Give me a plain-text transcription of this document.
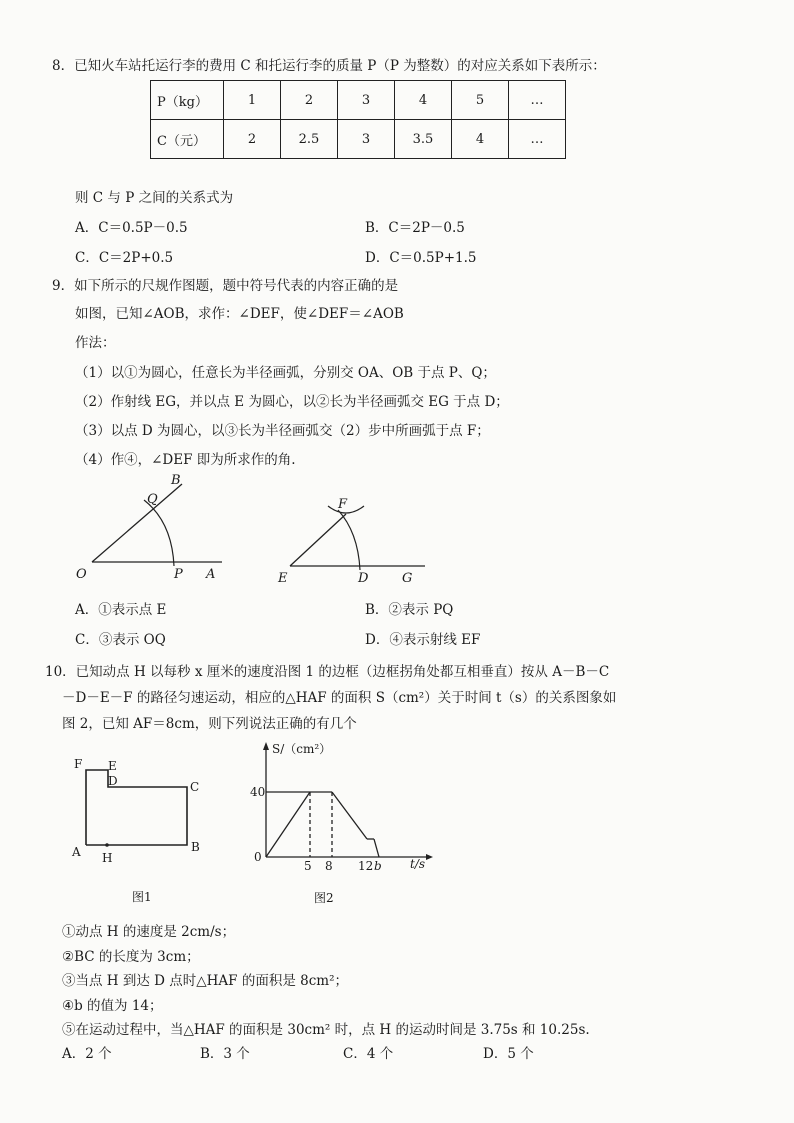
8．已知火车站托运行李的费用 C 和托运行李的质量 P（P 为整数）的对应关系如下表所示：
P（kg）	1	2	3	4	5	…
C（元）	2	2.5	3	3.5	4	…
则 C 与 P 之间的关系式为
A．C＝0.5P－0.5	B．C＝2P－0.5
C．C＝2P+0.5	D．C＝0.5P+1.5
9．如下所示的尺规作图题，题中符号代表的内容正确的是
如图，已知∠AOB，求作：∠DEF，使∠DEF＝∠AOB
作法：
（1）以①为圆心，任意长为半径画弧，分别交 OA、OB 于点 P、Q；
（2）作射线 EG，并以点 E 为圆心，以②长为半径画弧交 EG 于点 D；
（3）以点 D 为圆心，以③长为半径画弧交（2）步中所画弧于点 F；
（4）作④，∠DEF 即为所求作的角.
B
Q
O	P A
F
E	D	G
A．①表示点 E	B．②表示 PQ
C．③表示 OQ	D．④表示射线 EF
10．已知动点 H 以每秒 x 厘米的速度沿图 1 的边框（边框拐角处都互相垂直）按从 A－B－C
－D－E－F 的路径匀速运动，相应的△HAF 的面积 S（cm²）关于时间 t（s）的关系图象如
图 2，已知 AF＝8cm，则下列说法正确的有几个
F E
D	C
A H
B
图1
S/（cm²）
40
0
5 8 12 b t/s
图2
①动点 H 的速度是 2cm/s；
②BC 的长度为 3cm；
③当点 H 到达 D 点时△HAF 的面积是 8cm²；
④b 的值为 14；
⑤在运动过程中，当△HAF 的面积是 30cm² 时，点 H 的运动时间是 3.75s 和 10.25s.
A．2 个	B．3 个	C．4 个	D．5 个
